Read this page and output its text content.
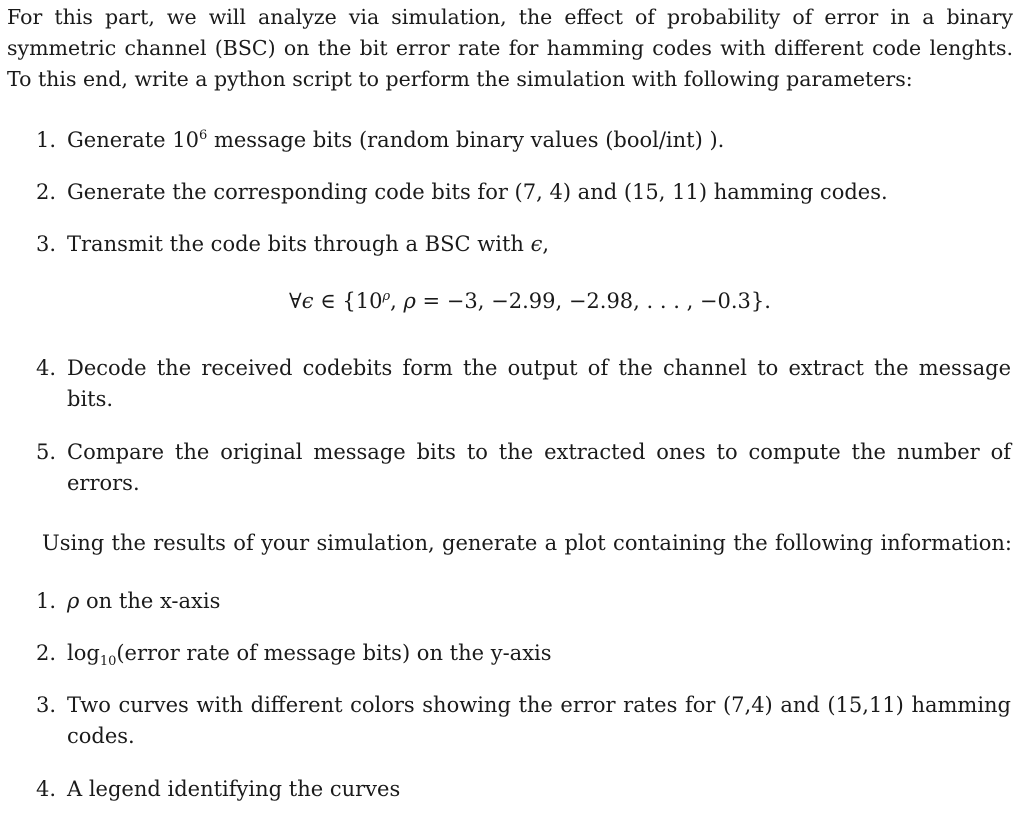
For this part, we will analyze via simulation, the effect of probability of error in a binary
symmetric channel (BSC) on the bit error rate for hamming codes with different code lenghts.
To this end, write a python script to perform the simulation with following parameters:
1. Generate $10^6$ message bits (random binary values (bool/int) ).
2. Generate the corresponding code bits for (7, 4) and (15, 11) hamming codes.
3. Transmit the code bits through a BSC with ϵ,
4. Decode the received codebits form the output of the channel to extract the message
bits.
5. Compare the original message bits to the extracted ones to compute the number of
errors.
∀ϵ ∈ {$10^\rho$, ρ = −3, −2.99, −2.98, . . . , −0.3}.
Using the results of your simulation, generate a plot containing the following information:
1. ρ on the x-axis
2. $\log_{10}(error$ rate of message bits) on the y-axis
3. Two curves with different colors showing the error rates for (7,4) and (15,11) hamming
codes.
4. A legend identifying the curves
